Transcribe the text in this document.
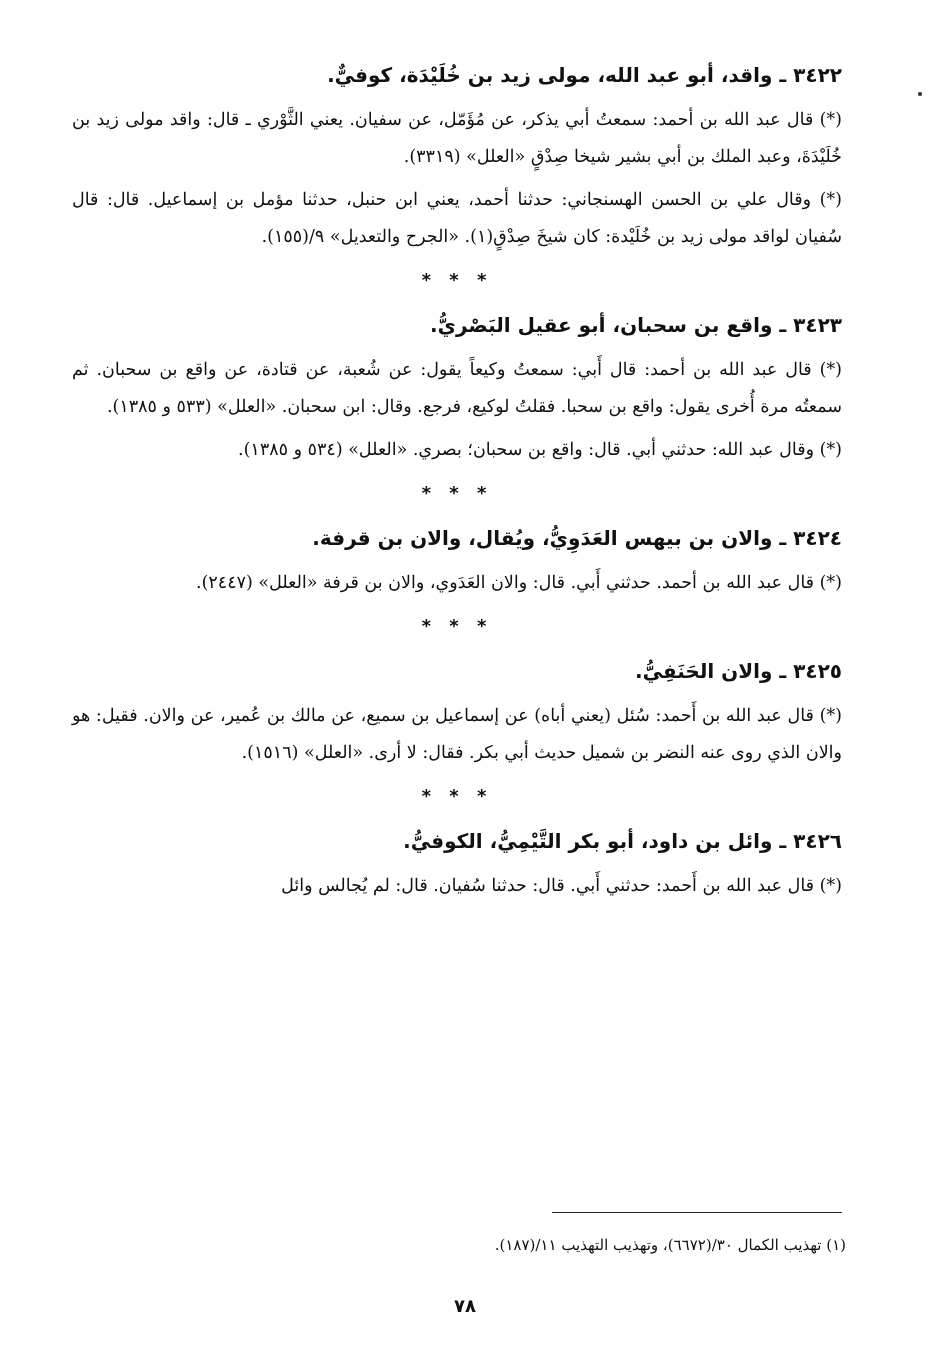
٣٤٢٢ ـ واقد، أبو عبد الله، مولى زيد بن خُلَيْدَة، كوفيٌّ.

(*) قال عبد الله بن أحمد: سمعتُ أبي يذكر، عن مُؤَمّل، عن سفيان. يعني الثَّوْري ـ قال: واقد مولى زيد بن خُلَيْدَةَ، وعبد الملك بن أبي بشير شيخا صِدْقٍ «العلل» (٣٣١٩).

(*) وقال علي بن الحسن الهسنجاني: حدثنا أحمد، يعني ابن حنبل، حدثنا مؤمل بن إسماعيل. قال: قال سُفيان لواقد مولى زيد بن خُلَيْدة: كان شيخَ صِدْقٍ(١). «الجرح والتعديل» ٩/(١٥٥).

* * *
٣٤٢٣ ـ واقع بن سحبان، أبو عقيل البَصْريُّ.

(*) قال عبد الله بن أحمد: قال أَبي: سمعتُ وكيعاً يقول: عن شُعبة، عن قتادة، عن واقع بن سحبان. ثم سمعتُه مرة أُخرى يقول: واقع بن سحبا. فقلتُ لوكيع، فرجع. وقال: ابن سحبان. «العلل» (٥٣٣ و ١٣٨٥).

(*) وقال عبد الله: حدثني أبي. قال: واقع بن سحبان؛ بصري. «العلل» (٥٣٤ و ١٣٨٥).

* * *
٣٤٢٤ ـ والان بن بيهس العَدَوِيُّ، ويُقال، والان بن قرفة.

(*) قال عبد الله بن أحمد. حدثني أَبي. قال: والان العَدَوي، والان بن قرفة «العلل» (٢٤٤٧).

* * *
٣٤٢٥ ـ والان الحَنَفِيُّ.

(*) قال عبد الله بن أَحمد: سُئل (يعني أباه) عن إسماعيل بن سميع، عن مالك بن عُمير، عن والان. فقيل: هو والان الذي روى عنه النضر بن شميل حديث أبي بكر. فقال: لا أرى. «العلل» (١٥١٦).

* * *
٣٤٢٦ ـ وائل بن داود، أبو بكر التَّيْمِيُّ، الكوفيُّ.

(*) قال عبد الله بن أَحمد: حدثني أَبي. قال: حدثنا سُفيان. قال: لم يُجالس وائل

(١) تهذيب الكمال ٣٠/(٦٦٧٢)، وتهذيب التهذيب ١١/(١٨٧).
٧٨
